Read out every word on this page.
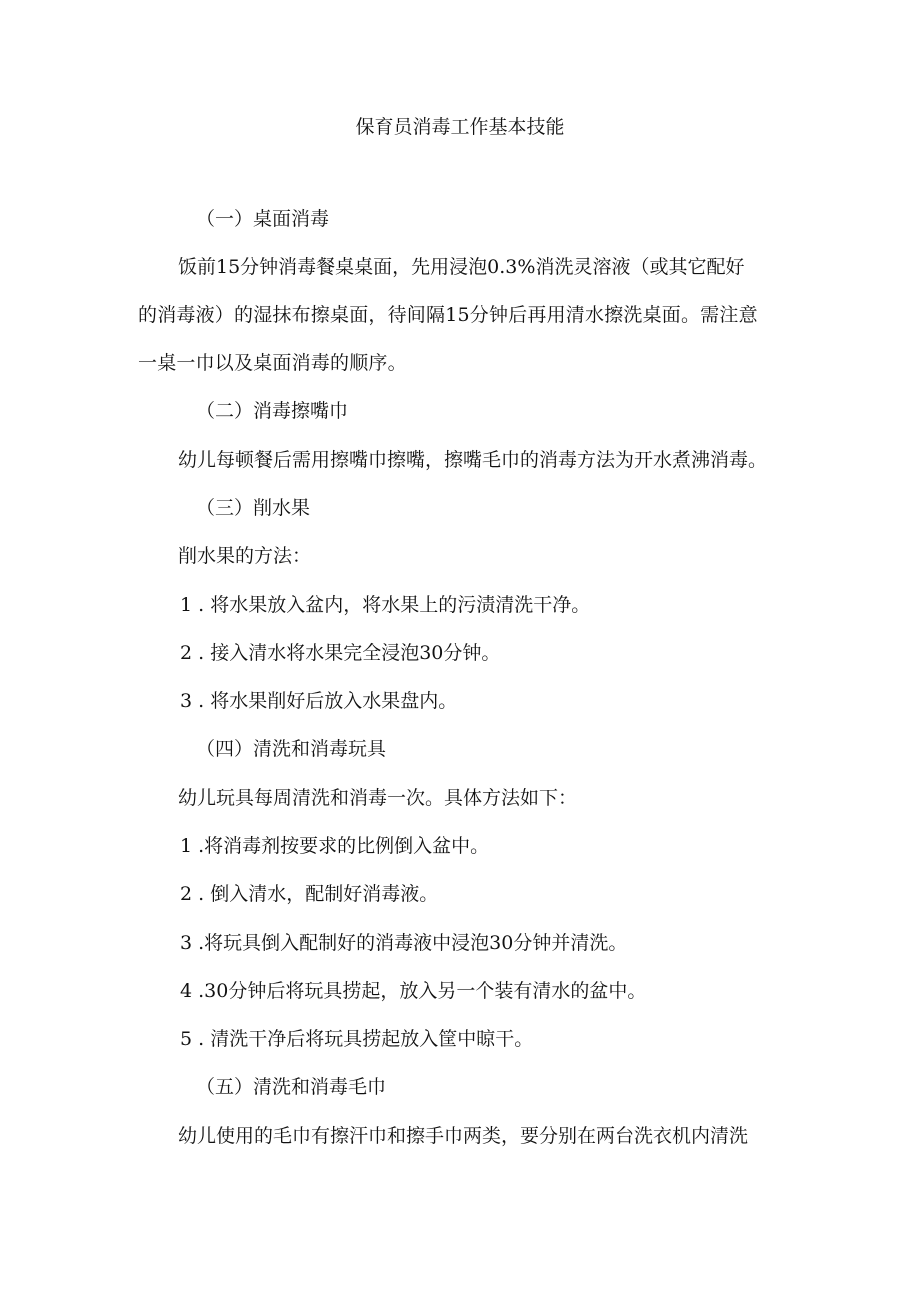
保育员消毒工作基本技能
（一）桌面消毒
饭前15分钟消毒餐桌桌面，先用浸泡0.3%消洗灵溶液（或其它配好
的消毒液）的湿抹布擦桌面，待间隔15分钟后再用清水擦洗桌面。需注意
一桌一巾以及桌面消毒的顺序。
（二）消毒擦嘴巾
幼儿每顿餐后需用擦嘴巾擦嘴，擦嘴毛巾的消毒方法为开水煮沸消毒。
（三）削水果
削水果的方法：
1 . 将水果放入盆内，将水果上的污渍清洗干净。
2 . 接入清水将水果完全浸泡30分钟。
3 . 将水果削好后放入水果盘内。
（四）清洗和消毒玩具
幼儿玩具每周清洗和消毒一次。具体方法如下：
1 .将消毒剂按要求的比例倒入盆中。
2 . 倒入清水，配制好消毒液。
3 .将玩具倒入配制好的消毒液中浸泡30分钟并清洗。
4 .30分钟后将玩具捞起，放入另一个装有清水的盆中。
5 . 清洗干净后将玩具捞起放入筐中晾干。
（五）清洗和消毒毛巾
幼儿使用的毛巾有擦汗巾和擦手巾两类，要分别在两台洗衣机内清洗
